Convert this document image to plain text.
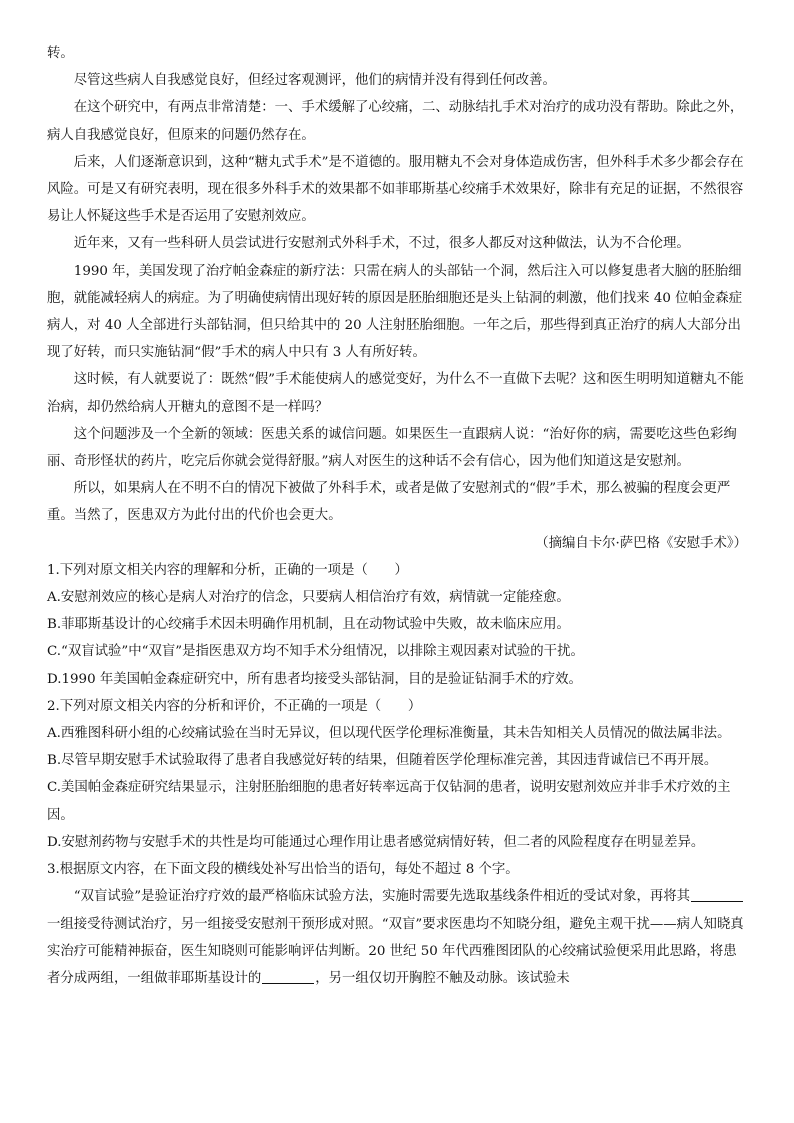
转。

尽管这些病人自我感觉良好，但经过客观测评，他们的病情并没有得到任何改善。

在这个研究中，有两点非常清楚：一、手术缓解了心绞痛，二、动脉结扎手术对治疗的成功没有帮助。除此之外，病人自我感觉良好，但原来的问题仍然存在。

后来，人们逐渐意识到，这种“糖丸式手术”是不道德的。服用糖丸不会对身体造成伤害，但外科手术多少都会存在风险。可是又有研究表明，现在很多外科手术的效果都不如菲耶斯基心绞痛手术效果好，除非有充足的证据，不然很容易让人怀疑这些手术是否运用了安慰剂效应。

近年来，又有一些科研人员尝试进行安慰剂式外科手术，不过，很多人都反对这种做法，认为不合伦理。

1990 年，美国发现了治疗帕金森症的新疗法：只需在病人的头部钻一个洞，然后注入可以修复患者大脑的胚胎细胞，就能减轻病人的病症。为了明确使病情出现好转的原因是胚胎细胞还是头上钻洞的刺激，他们找来 40 位帕金森症病人，对 40 人全部进行头部钻洞，但只给其中的 20 人注射胚胎细胞。一年之后，那些得到真正治疗的病人大部分出现了好转，而只实施钻洞“假”手术的病人中只有 3 人有所好转。

这时候，有人就要说了：既然“假”手术能使病人的感觉变好，为什么不一直做下去呢？这和医生明明知道糖丸不能治病，却仍然给病人开糖丸的意图不是一样吗？

这个问题涉及一个全新的领域：医患关系的诚信问题。如果医生一直跟病人说：“治好你的病，需要吃这些色彩绚丽、奇形怪状的药片，吃完后你就会觉得舒服。”病人对医生的这种话不会有信心，因为他们知道这是安慰剂。

所以，如果病人在不明不白的情况下被做了外科手术，或者是做了安慰剂式的“假”手术，那么被骗的程度会更严重。当然了，医患双方为此付出的代价也会更大。

（摘编自卡尔·萨巴格《安慰手术》）

1.下列对原文相关内容的理解和分析，正确的一项是（　　）

A.安慰剂效应的核心是病人对治疗的信念，只要病人相信治疗有效，病情就一定能痊愈。

B.菲耶斯基设计的心绞痛手术因未明确作用机制，且在动物试验中失败，故未临床应用。

C.“双盲试验”中“双盲”是指医患双方均不知手术分组情况，以排除主观因素对试验的干扰。

D.1990 年美国帕金森症研究中，所有患者均接受头部钻洞，目的是验证钻洞手术的疗效。

2.下列对原文相关内容的分析和评价，不正确的一项是（　　）

A.西雅图科研小组的心绞痛试验在当时无异议，但以现代医学伦理标准衡量，其未告知相关人员情况的做法属非法。

B.尽管早期安慰手术试验取得了患者自我感觉好转的结果，但随着医学伦理标准完善，其因违背诚信已不再开展。

C.美国帕金森症研究结果显示，注射胚胎细胞的患者好转率远高于仅钻洞的患者，说明安慰剂效应并非手术疗效的主因。

D.安慰剂药物与安慰手术的共性是均可能通过心理作用让患者感觉病情好转，但二者的风险程度存在明显差异。

3.根据原文内容，在下面文段的横线处补写出恰当的语句，每处不超过 8 个字。

“双盲试验”是验证治疗疗效的最严格临床试验方法，实施时需要先选取基线条件相近的受试对象，再将其一组接受待测试治疗，另一组接受安慰剂干预形成对照。“双盲”要求医患均不知晓分组，避免主观干扰——病人知晓真实治疗可能精神振奋，医生知晓则可能影响评估判断。20 世纪 50 年代西雅图团队的心绞痛试验便采用此思路，将患者分成两组，一组做菲耶斯基设计的	，另一组仅切开胸腔不触及动脉。该试验未
